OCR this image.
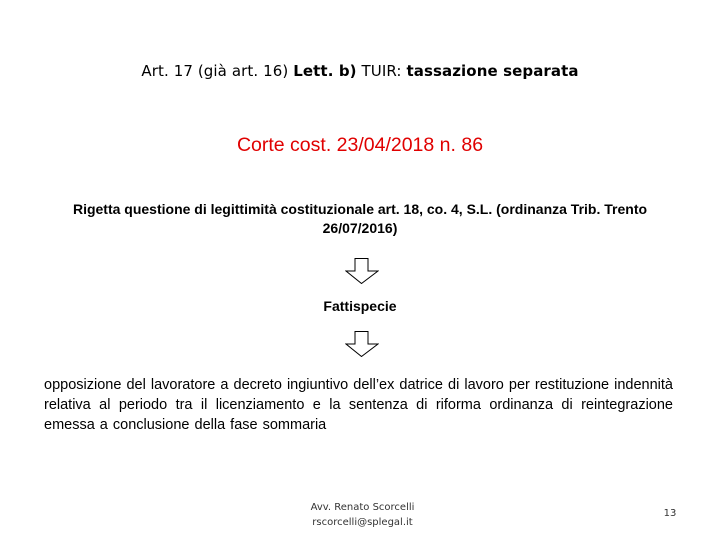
Art. 17 (già art. 16) Lett. b) TUIR: tassazione separata
Corte cost. 23/04/2018 n. 86
Rigetta questione di legittimità costituzionale art. 18, co. 4, S.L. (ordinanza Trib. Trento 26/07/2016)
Fattispecie
opposizione del lavoratore a decreto ingiuntivo dell’ex datrice di lavoro per restituzione indennità relativa al periodo tra il licenziamento e la sentenza di riforma ordinanza di reintegrazione emessa a conclusione della fase sommaria
Avv. Renato Scorcelli
rscorcelli@splegal.it
13
